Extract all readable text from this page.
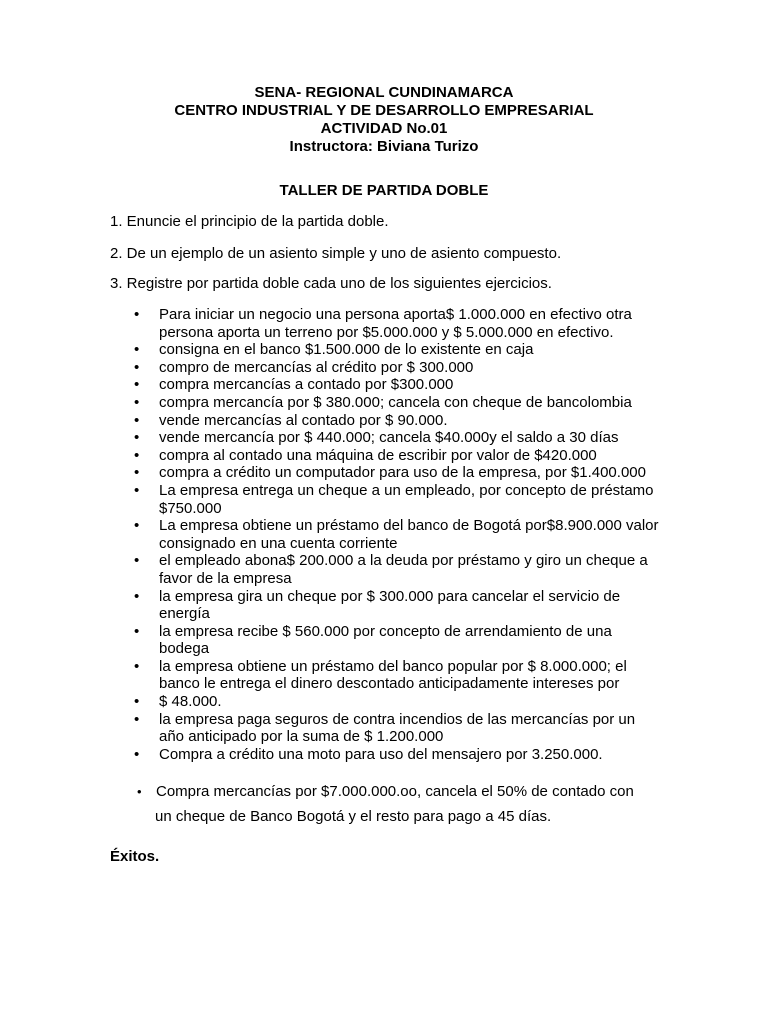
SENA- REGIONAL CUNDINAMARCA
CENTRO INDUSTRIAL Y DE DESARROLLO EMPRESARIAL
ACTIVIDAD No.01
Instructora: Biviana Turizo
TALLER DE PARTIDA DOBLE
1. Enuncie el principio de la partida doble.
2. De un ejemplo de un asiento simple y uno de asiento compuesto.
3. Registre por partida doble cada uno de los siguientes ejercicios.
• Para iniciar un negocio una persona aporta$ 1.000.000 en efectivo otra persona aporta un terreno por $5.000.000 y $ 5.000.000 en efectivo.
• consigna en el banco $1.500.000 de lo existente en caja
• compro de mercancías al crédito por $ 300.000
• compra mercancías a contado por $300.000
• compra mercancía por $ 380.000; cancela con cheque de bancolombia
• vende mercancías al contado por $ 90.000.
• vende mercancía por $ 440.000; cancela $40.000y el saldo a 30 días
• compra al contado una máquina de escribir por valor de $420.000
• compra a crédito un computador para uso de la empresa, por $1.400.000
• La empresa entrega un cheque a un empleado, por concepto de préstamo $750.000
• La empresa obtiene un préstamo del banco de Bogotá por$8.900.000 valor consignado en una cuenta corriente
• el empleado abona$ 200.000 a la deuda por préstamo y giro un cheque a favor de la empresa
• la empresa gira un cheque por $ 300.000 para cancelar el servicio de energía
• la empresa recibe $ 560.000 por concepto de arrendamiento de una bodega
• la empresa obtiene un préstamo del banco popular por $ 8.000.000; el banco le entrega el dinero descontado anticipadamente intereses por
• $ 48.000.
• la empresa paga seguros de contra incendios de las mercancías por un año anticipado por la suma de $ 1.200.000
• Compra a crédito una moto para uso del mensajero por 3.250.000.
• Compra mercancías por $7.000.000.oo, cancela el 50% de contado con
un cheque de Banco Bogotá y el resto para pago a 45 días.
Éxitos.
